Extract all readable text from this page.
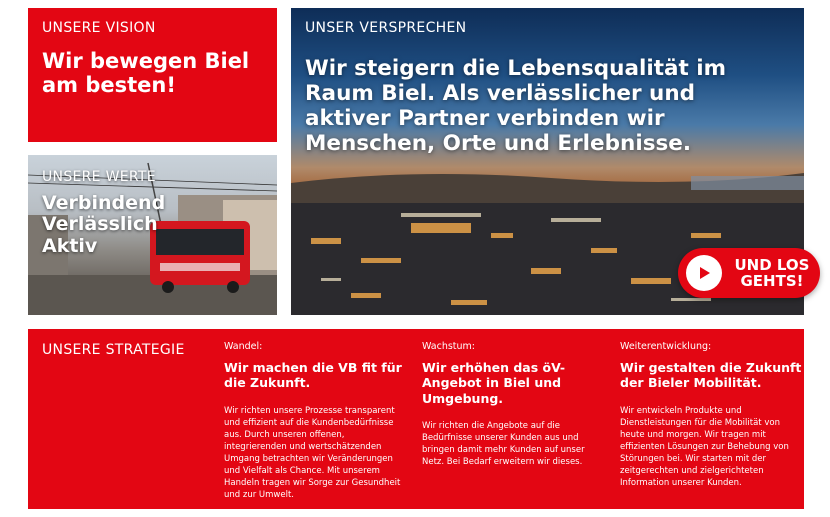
UNSERE VISION
Wir bewegen Biel am besten!
UNSERE WERTE
Verbindend
Verlässlich
Aktiv
UNSER VERSPRECHEN
Wir steigern die Lebensqualität im Raum Biel. Als verlässlicher und aktiver Partner verbinden wir Menschen, Orte und Erlebnisse.
UND LOS
GEHTS!
UNSERE STRATEGIE	Wandel:
Wir machen die VB fit für die Zukunft.
Wir richten unsere Prozesse transparent und effizient auf die Kundenbedürfnisse aus. Durch unseren offenen, integrierenden und wertschätzenden Umgang betrachten wir Veränderungen und Vielfalt als Chance. Mit unserem Handeln tragen wir Sorge zur Gesundheit und zur Umwelt.
Wachstum:
Wir erhöhen das öV-Angebot in Biel und Umgebung.
Wir richten die Angebote auf die Bedürfnisse unserer Kunden aus und bringen damit mehr Kunden auf unser Netz. Bei Bedarf erweitern wir dieses.
Weiterentwicklung:
Wir gestalten die Zukunft der Bieler Mobilität.
Wir entwickeln Produkte und Dienstleistungen für die Mobilität von heute und morgen. Wir tragen mit effizienten Lösungen zur Behebung von Störungen bei. Wir starten mit der zeitgerechten und zielgerichteten Information unserer Kunden.
